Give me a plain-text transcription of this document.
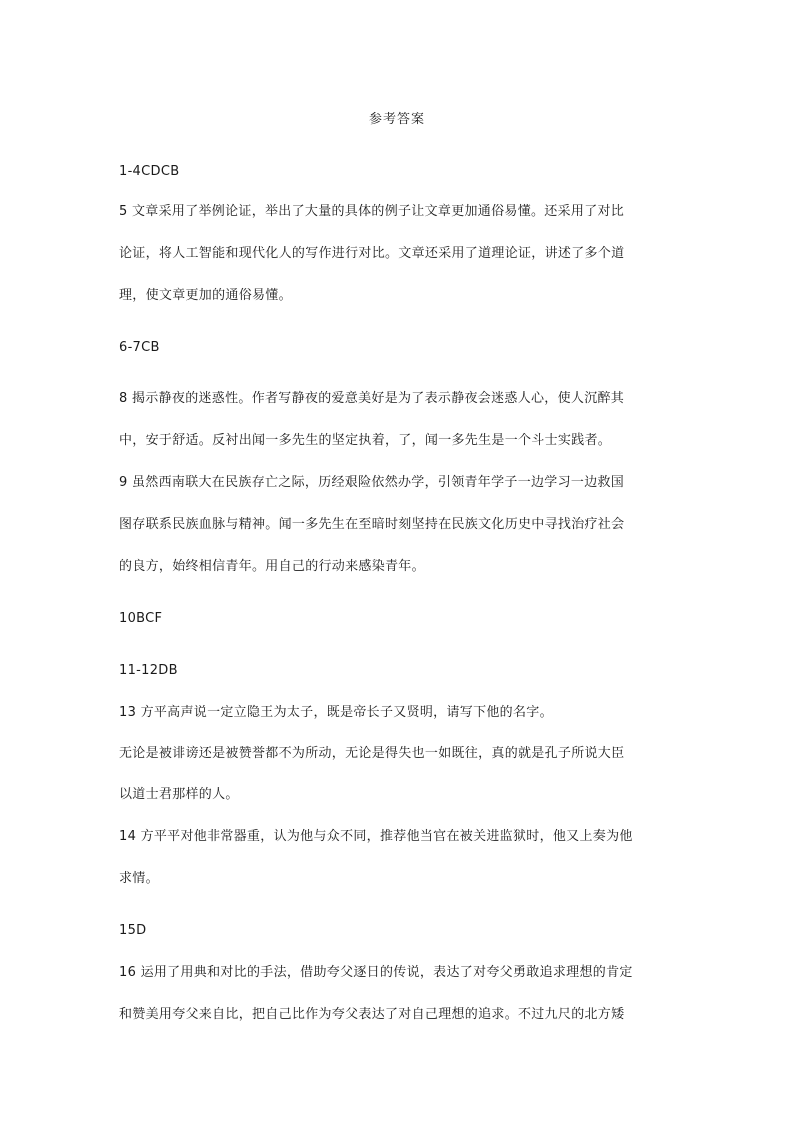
参考答案
1-4CDCB
5 文章采用了举例论证，举出了大量的具体的例子让文章更加通俗易懂。还采用了对比
论证，将人工智能和现代化人的写作进行对比。文章还采用了道理论证，讲述了多个道
理，使文章更加的通俗易懂。
6-7CB
8 揭示静夜的迷惑性。作者写静夜的爱意美好是为了表示静夜会迷惑人心，使人沉醉其
中，安于舒适。反衬出闻一多先生的坚定执着，了，闻一多先生是一个斗士实践者。
9 虽然西南联大在民族存亡之际，历经艰险依然办学，引领青年学子一边学习一边救国
图存联系民族血脉与精神。闻一多先生在至暗时刻坚持在民族文化历史中寻找治疗社会
的良方，始终相信青年。用自己的行动来感染青年。
10BCF
11-12DB
13 方平高声说一定立隐王为太子，既是帝长子又贤明，请写下他的名字。
无论是被诽谤还是被赞誉都不为所动，无论是得失也一如既往，真的就是孔子所说大臣
以道士君那样的人。
14 方平平对他非常器重，认为他与众不同，推荐他当官在被关进监狱时，他又上奏为他
求情。
15D
16 运用了用典和对比的手法，借助夸父逐日的传说，表达了对夸父勇敢追求理想的肯定
和赞美用夸父来自比，把自己比作为夸父表达了对自己理想的追求。不过九尺的北方矮
